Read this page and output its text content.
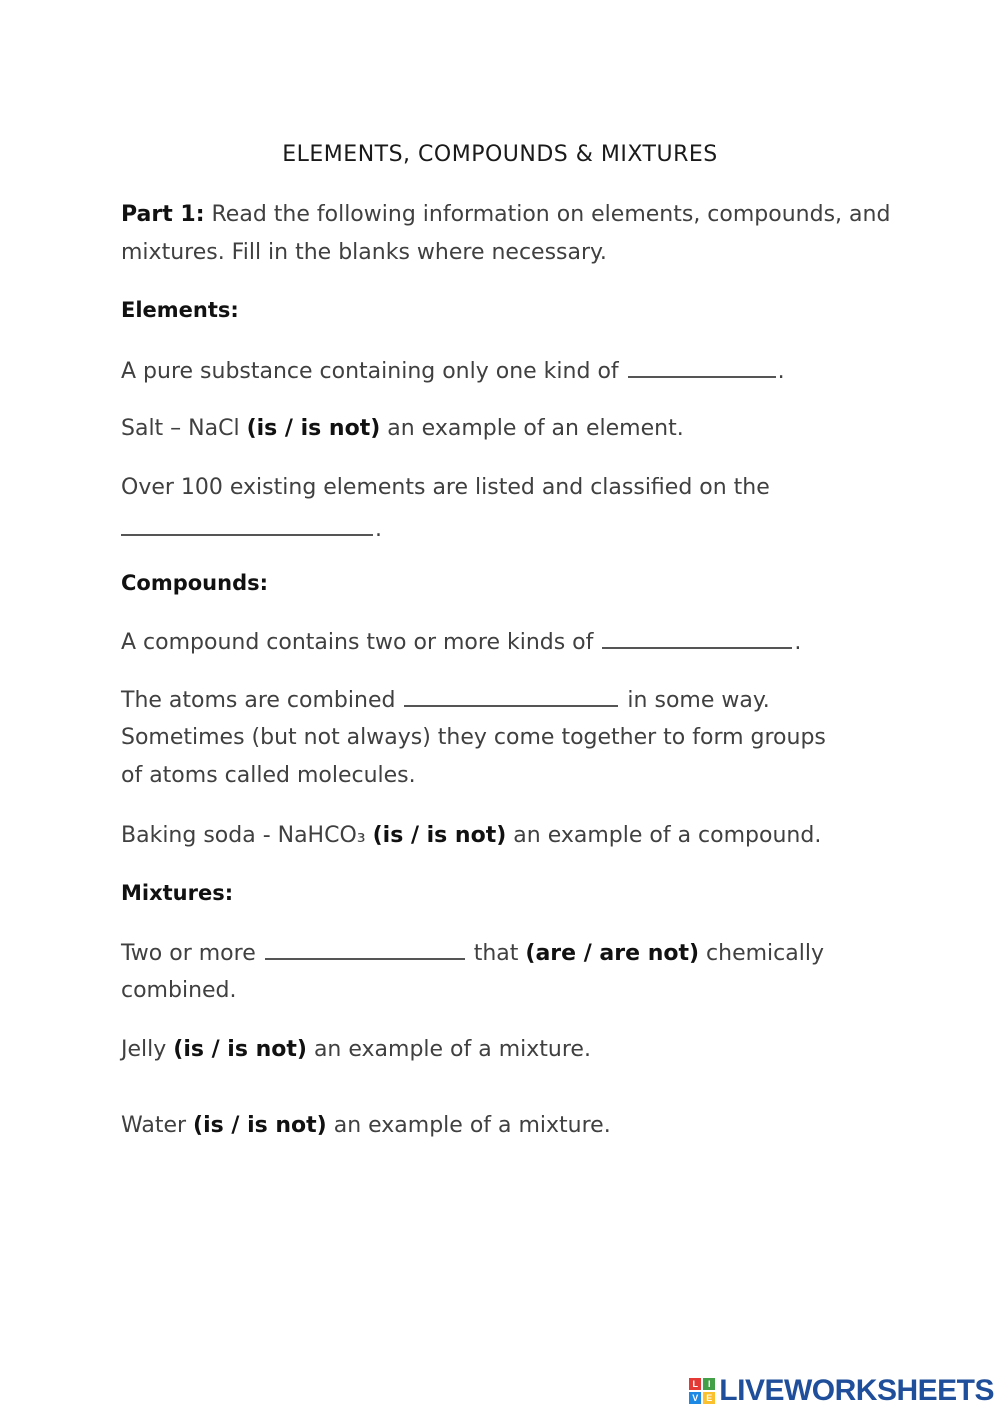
ELEMENTS, COMPOUNDS & MIXTURES
Part 1: Read the following information on elements, compounds, and
mixtures. Fill in the blanks where necessary.
Elements:
A pure substance containing only one kind of	.
Salt – NaCl (is / is not) an example of an element.
Over 100 existing elements are listed and classified on the
.
Compounds:
A compound contains two or more kinds of	.
The atoms are combined	in some way.
Sometimes (but not always) they come together to form groups
of atoms called molecules.
Baking soda - NaHCO₃ (is / is not) an example of a compound.
Mixtures:
Two or more	that (are / are not) chemically
combined.
Jelly (is / is not) an example of a mixture.
Water (is / is not) an example of a mixture.
L	I
V E LIVEWORKSHEETS
